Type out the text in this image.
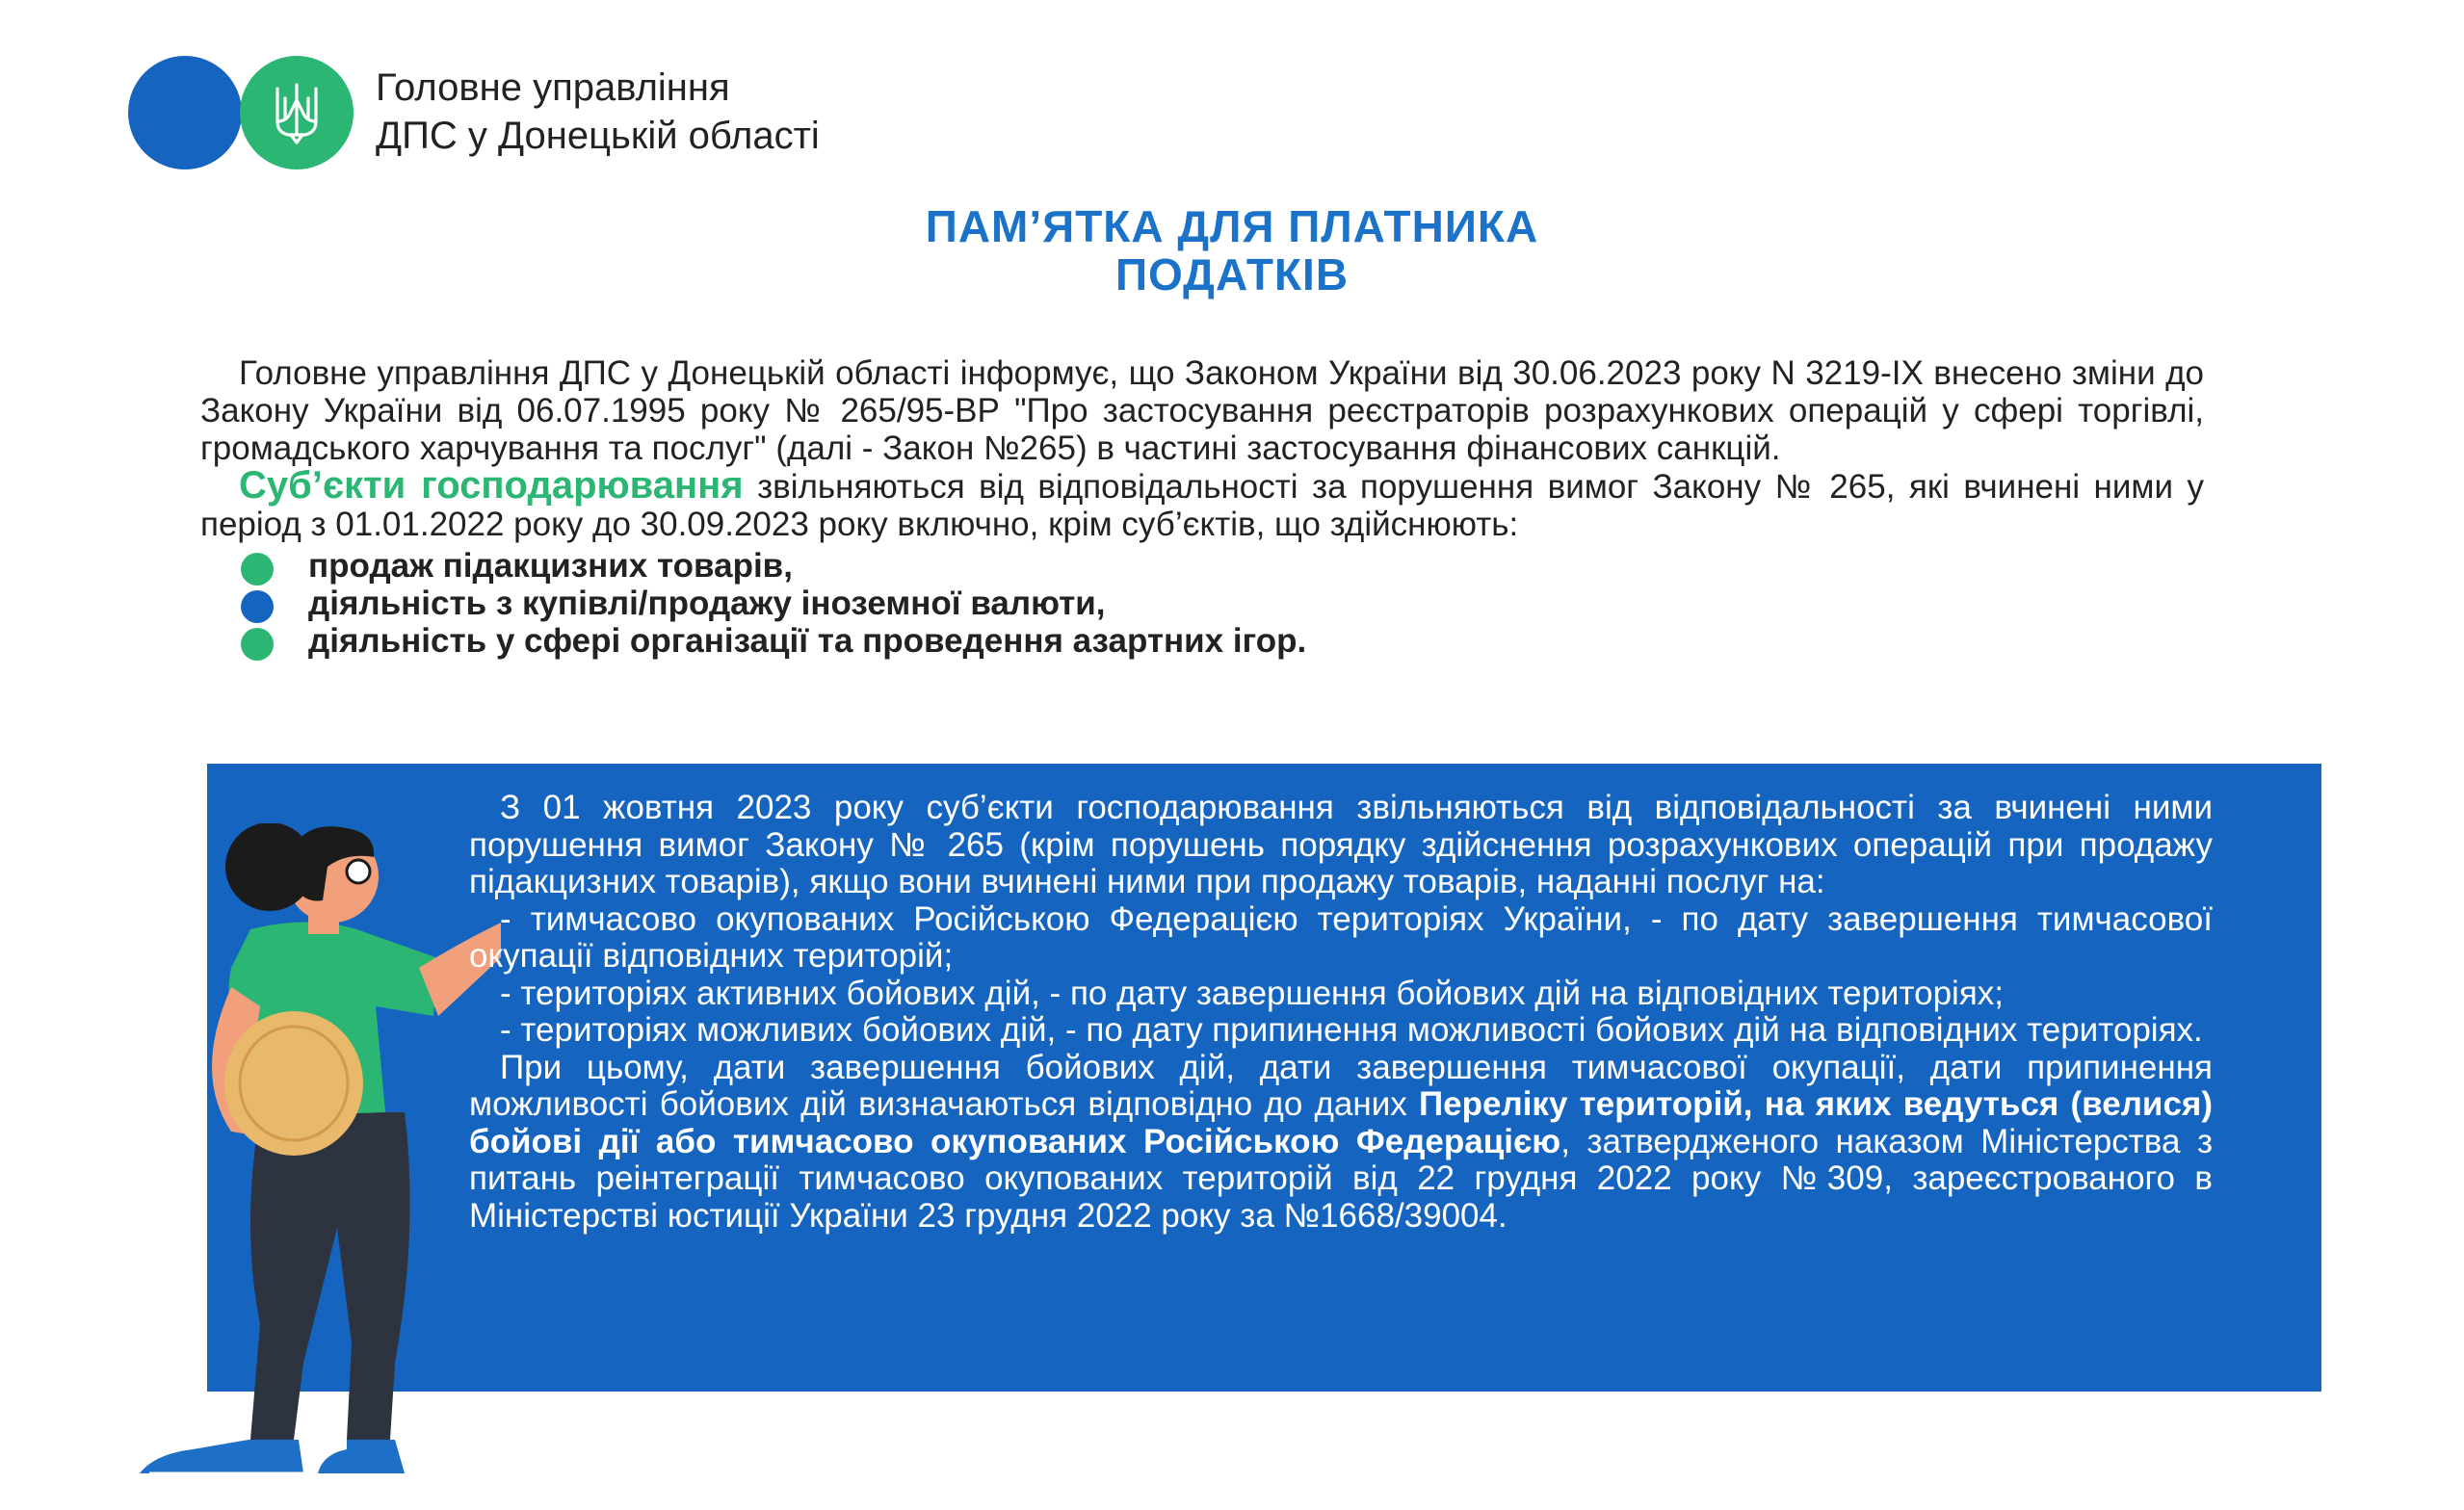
Головне управління
ДПС у Донецькій області
ПАМ’ЯТКА ДЛЯ ПЛАТНИКА
ПОДАТКІВ

Головне управління ДПС у Донецькій області інформує, що Законом України від 30.06.2023 року N 3219-IX внесено зміни до Закону України від 06.07.1995 року № 265/95-ВР "Про застосування реєстраторів розрахункових операцій у сфері торгівлі, громадського харчування та послуг" (далі - Закон №265) в частині застосування фінансових санкцій.

Суб’єкти господарювання звільняються від відповідальності за порушення вимог Закону № 265, які вчинені ними у період з 01.01.2022 року до 30.09.2023 року включно, крім суб’єктів, що здійснюють:

продаж підакцизних товарів,
діяльність з купівлі/продажу іноземної валюти,
діяльність у сфері організації та проведення азартних ігор.

З 01 жовтня 2023 року суб’єкти господарювання звільняються від відповідальності за вчинені ними порушення вимог Закону № 265 (крім порушень порядку здійснення розрахункових операцій при продажу підакцизних товарів), якщо вони вчинені ними при продажу товарів, наданні послуг на:

- тимчасово окупованих Російською Федерацією територіях України, - по дату завершення тимчасової окупації відповідних територій;

- територіях активних бойових дій, - по дату завершення бойових дій на відповідних територіях;

- територіях можливих бойових дій, - по дату припинення можливості бойових дій на відповідних територіях.

При цьому, дати завершення бойових дій, дати завершення тимчасової окупації, дати припинення можливості бойових дій визначаються відповідно до даних Переліку територій, на яких ведуться (велися) бойові дії або тимчасово окупованих Російською Федерацією, затвердженого наказом Міністерства з питань реінтеграції тимчасово окупованих територій від 22 грудня 2022 року №309, зареєстрованого в Міністерстві юстиції України 23 грудня 2022 року за №1668/39004.
